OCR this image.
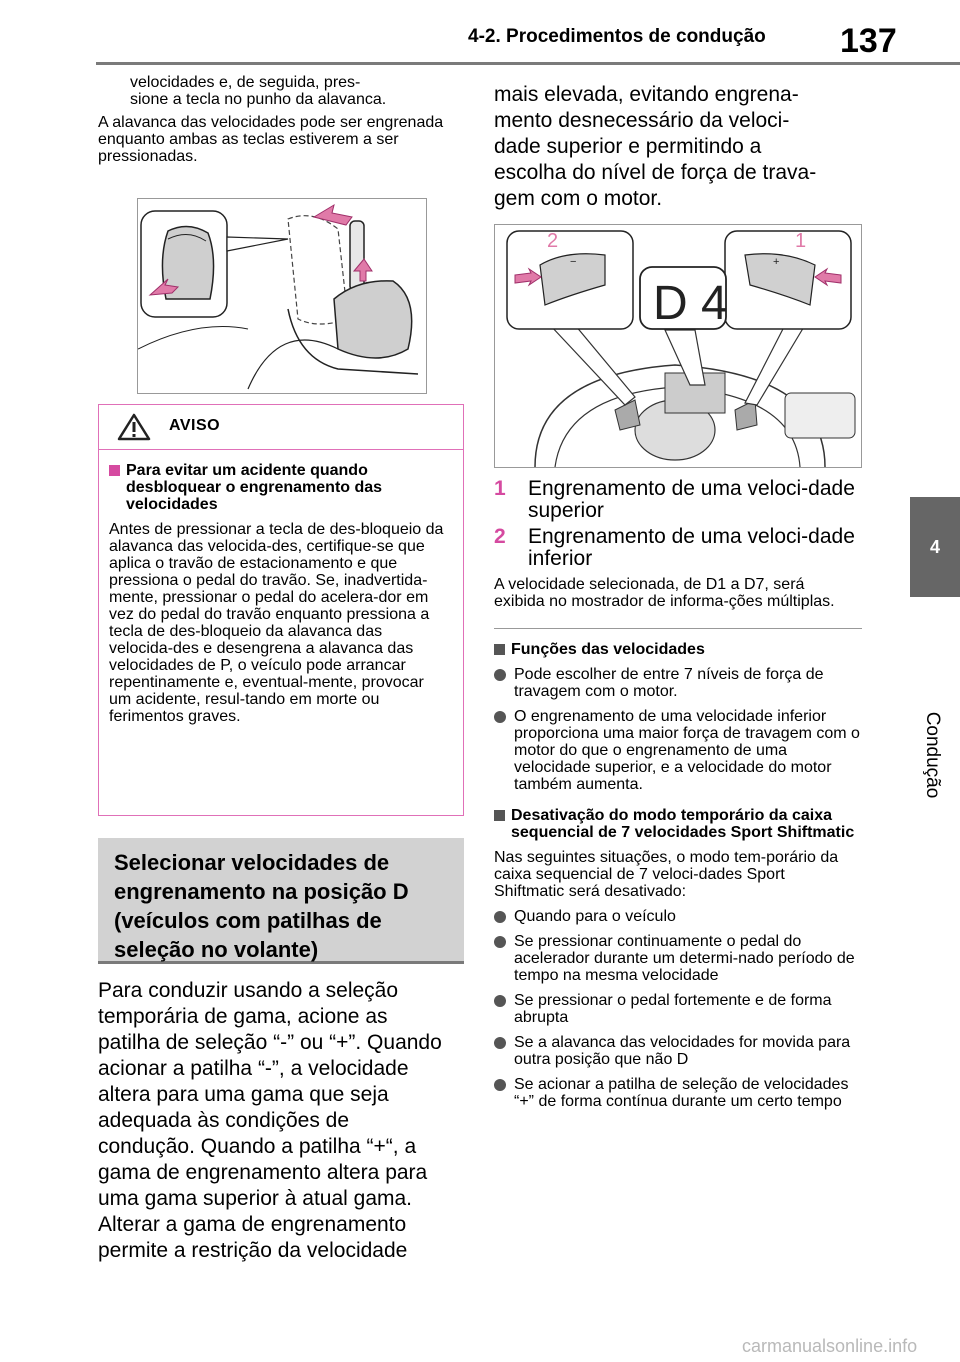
4-2. Procedimentos de condução 137
4
Condução

velocidades e, de seguida, pres-
sione a tecla no punho da alavanca.

A alavanca das velocidades pode ser engrenada enquanto ambas as teclas estiverem a ser pressionadas.

AVISO

Para evitar um acidente quando desbloquear o engrenamento das velocidades

Antes de pressionar a tecla de des-bloqueio da alavanca das velocida-des, certifique-se que aplica o travão de estacionamento e que pressiona o pedal do travão. Se, inadvertida-mente, pressionar o pedal do acelera-dor em vez do pedal do travão enquanto pressiona a tecla de des-bloqueio da alavanca das velocida-des e desengrena a alavanca das velocidades de P, o veículo pode arrancar repentinamente e, eventual-mente, provocar um acidente, resul-tando em morte ou ferimentos graves.

Selecionar velocidades de engrenamento na posição D (veículos com patilhas de seleção no volante)

Para conduzir usando a seleção temporária de gama, acione as patilha de seleção “-” ou “+”. Quando acionar a patilha “-”, a velocidade altera para uma gama que seja adequada às condições de condução. Quando a patilha “+“, a gama de engrenamento altera para uma gama superior à atual gama.
Alterar a gama de engrenamento permite a restrição da velocidade

mais elevada, evitando engrena-mento desnecessário da veloci-dade superior e permitindo a escolha do nível de força de trava-gem com o motor.

2
−
1
+
D 4
1	Engrenamento de uma veloci-dade superior
2	Engrenamento de uma veloci-dade inferior

A velocidade selecionada, de D1 a D7, será exibida no mostrador de informa-ções múltiplas.

Funções das velocidades

Pode escolher de entre 7 níveis de força de travagem com o motor.
O engrenamento de uma velocidade inferior proporciona uma maior força de travagem com o motor do que o engrenamento de uma velocidade superior, e a velocidade do motor também aumenta.

Desativação do modo temporário da caixa sequencial de 7 velocidades Sport Shiftmatic

Nas seguintes situações, o modo tem-porário da caixa sequencial de 7 veloci-dades Sport Shiftmatic será desativado:

Quando para o veículo
Se pressionar continuamente o pedal do acelerador durante um determi-nado período de tempo na mesma velocidade
Se pressionar o pedal fortemente e de forma abrupta
Se a alavanca das velocidades for movida para outra posição que não D
Se acionar a patilha de seleção de velocidades “+” de forma contínua durante um certo tempo
carmanualsonline.info
